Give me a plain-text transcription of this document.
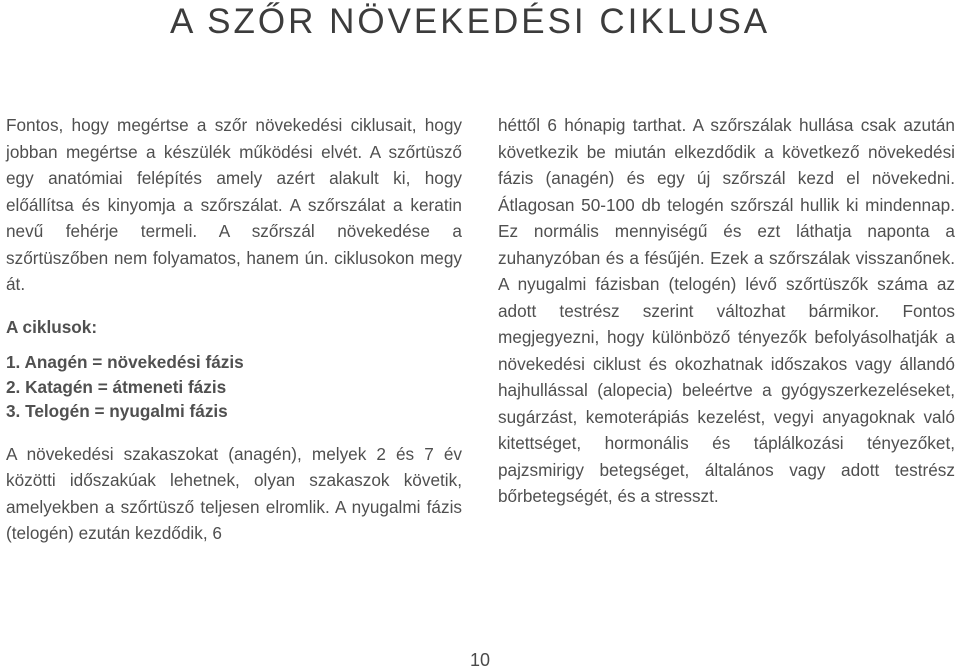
A SZŐR NÖVEKEDÉSI CIKLUSA

Fontos, hogy megértse a szőr növekedési ciklusait, hogy jobban megértse a készülék működési elvét. A szőrtüsző egy anatómiai felépítés amely azért alakult ki, hogy előállítsa és kinyomja a szőrszálat. A szőrszálat a keratin nevű fehérje termeli. A szőrszál növekedése a szőrtüszőben nem folyamatos, hanem ún. ciklusokon megy át.

A ciklusok:

1. Anagén = növekedési fázis
2. Katagén = átmeneti fázis
3. Telogén = nyugalmi fázis

A növekedési szakaszokat (anagén), melyek 2 és 7 év közötti időszakúak lehetnek, olyan szakaszok követik, amelyekben a szőrtüsző teljesen elromlik. A nyugalmi fázis (telogén) ezután kezdődik, 6

héttől 6 hónapig tarthat. A szőrszálak hullása csak azután következik be miután elkezdődik a következő növekedési fázis (anagén) és egy új szőrszál kezd el növekedni. Átlagosan 50-100 db telogén szőrszál hullik ki mindennap. Ez normális mennyiségű és ezt láthatja naponta a zuhanyzóban és a fésűjén. Ezek a szőrszálak visszanőnek. A nyugalmi fázisban (telogén) lévő szőrtüszők száma az adott testrész szerint változhat bármikor. Fontos megjegyezni, hogy különböző tényezők befolyásolhatják a növekedési ciklust és okozhatnak időszakos vagy állandó hajhullással (alopecia) beleértve a gyógyszerkezeléseket, sugárzást, kemoterápiás kezelést, vegyi anyagoknak való kitettséget, hormonális és táplálkozási tényezőket, pajzsmirigy betegséget, általános vagy adott testrész bőrbetegségét, és a stresszt.

10
